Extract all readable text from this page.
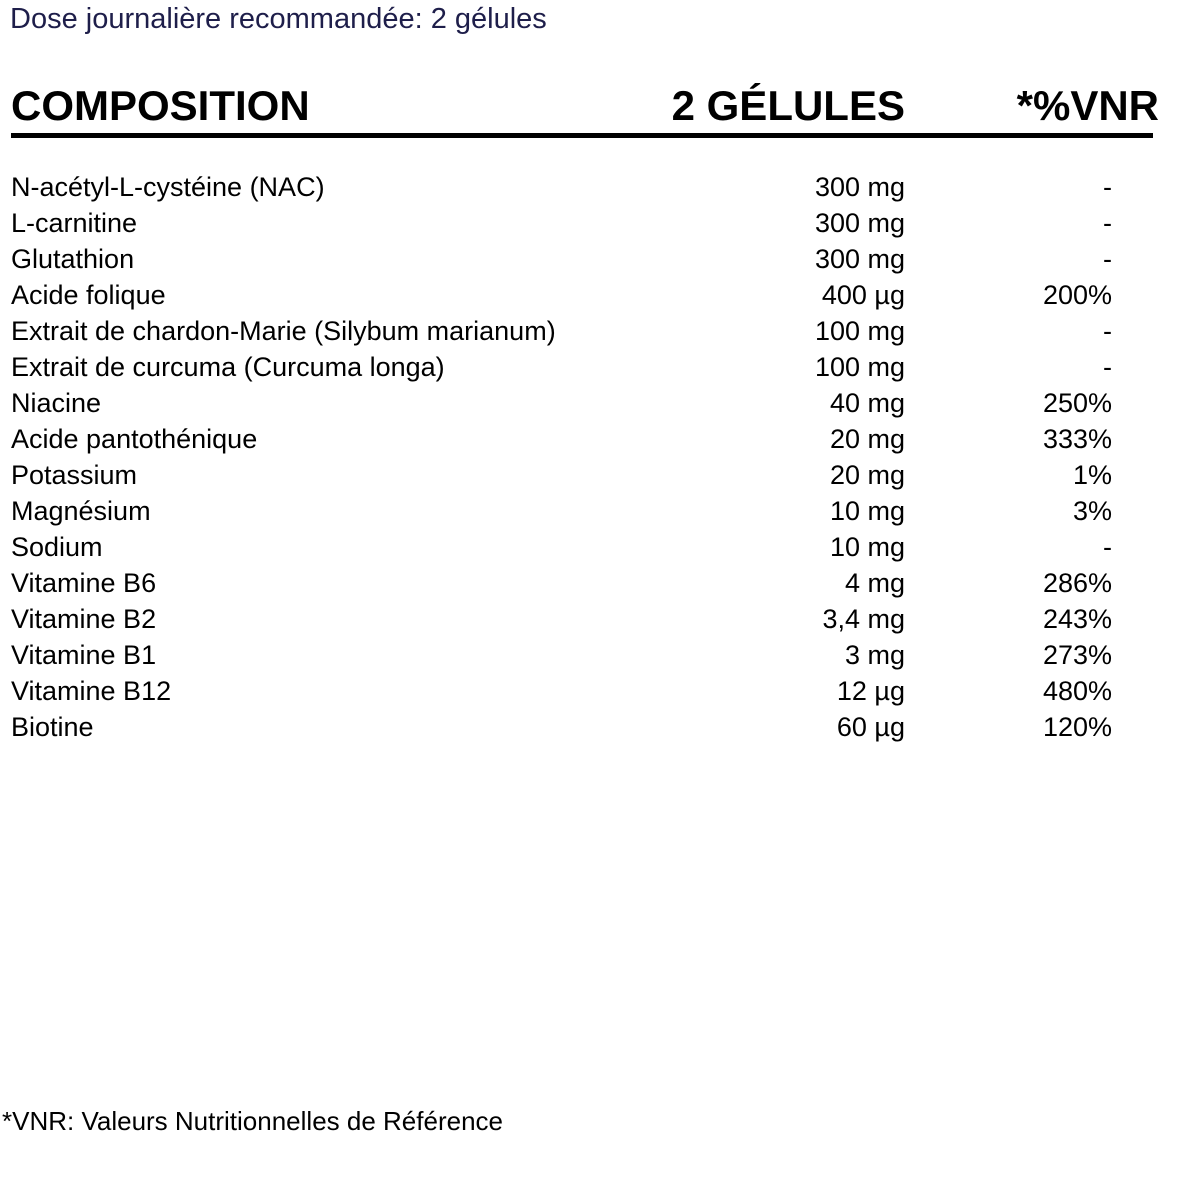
Dose journalière recommandée: 2 gélules
COMPOSITION	2 GÉLULES	*%VNR
N-acétyl-L-cystéine (NAC)	300 mg	-
L-carnitine	300 mg	-
Glutathion	300 mg	-
Acide folique	400 µg	200%
Extrait de chardon-Marie (Silybum marianum)	100 mg	-
Extrait de curcuma (Curcuma longa)	100 mg	-
Niacine	40 mg	250%
Acide pantothénique	20 mg	333%
Potassium	20 mg	1%
Magnésium	10 mg	3%
Sodium	10 mg	-
Vitamine B6	4 mg	286%
Vitamine B2	3,4 mg	243%
Vitamine B1	3 mg	273%
Vitamine B12	12 µg	480%
Biotine	60 µg	120%
*VNR: Valeurs Nutritionnelles de Référence
